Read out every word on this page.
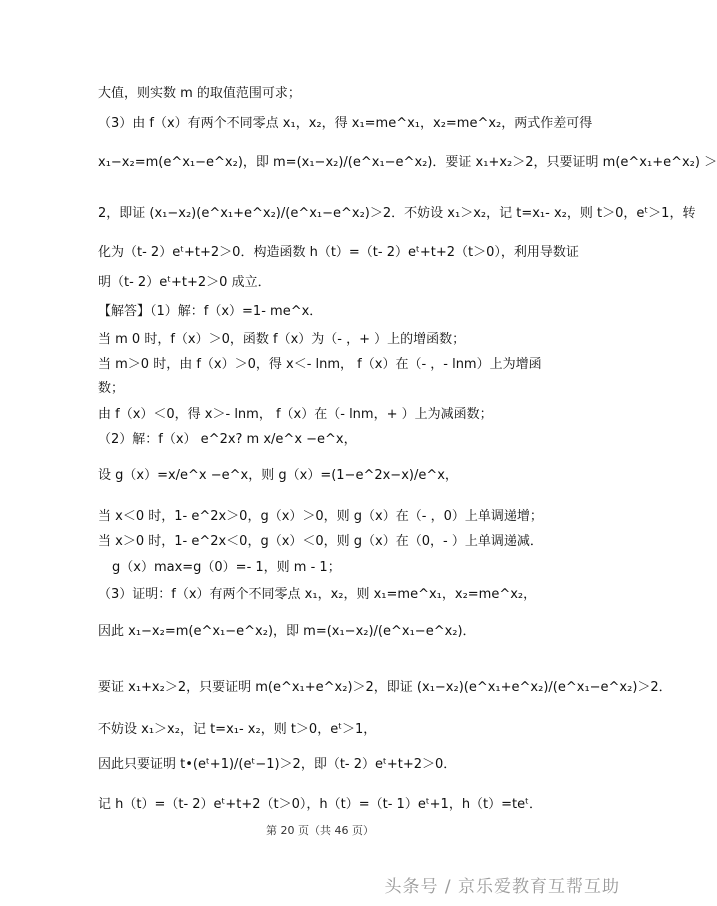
大值，则实数 m 的取值范围可求；
（3）由 f（x）有两个不同零点 x₁，x₂，得 x₁=me^x₁，x₂=me^x₂，两式作差可得
x₁−x₂=m(e^x₁−e^x₂)，即 m=(x₁−x₂)/(e^x₁−e^x₂)．要证 x₁+x₂＞2，只要证明 m(e^x₁+e^x₂) ＞
2，即证 (x₁−x₂)(e^x₁+e^x₂)/(e^x₁−e^x₂)＞2．不妨设 x₁＞x₂，记 t=x₁- x₂，则 t＞0，eᵗ＞1，转
化为（t- 2）eᵗ+t+2＞0．构造函数 h（t）=（t- 2）eᵗ+t+2（t＞0），利用导数证
明（t- 2）eᵗ+t+2＞0 成立．
【解答】（1）解：f（x）=1- me^x．
当 m 0 时，f（x）＞0，函数 f（x）为（- ，+ ）上的增函数；
当 m＞0 时，由 f（x）＞0，得 x＜- lnm， f（x）在（- ，- lnm）上为增函
数；
由 f（x）＜0，得 x＞- lnm， f（x）在（- lnm，+ ）上为减函数；
（2）解：f（x） e^2x? m x/e^x −e^x，
设 g（x）=x/e^x −e^x，则 g（x）=(1−e^2x−x)/e^x，
当 x＜0 时，1- e^2x＞0，g（x）＞0，则 g（x）在（- ，0）上单调递增；
当 x＞0 时，1- e^2x＜0，g（x）＜0，则 g（x）在（0，- ）上单调递减．
g（x）max=g（0）=- 1，则 m - 1；
（3）证明：f（x）有两个不同零点 x₁，x₂，则 x₁=me^x₁，x₂=me^x₂，
因此 x₁−x₂=m(e^x₁−e^x₂)，即 m=(x₁−x₂)/(e^x₁−e^x₂)．
要证 x₁+x₂＞2，只要证明 m(e^x₁+e^x₂)＞2，即证 (x₁−x₂)(e^x₁+e^x₂)/(e^x₁−e^x₂)＞2．
不妨设 x₁＞x₂，记 t=x₁- x₂，则 t＞0，eᵗ＞1，
因此只要证明 t•(eᵗ+1)/(eᵗ−1)＞2，即（t- 2）eᵗ+t+2＞0．
记 h（t）=（t- 2）eᵗ+t+2（t＞0），h（t）=（t- 1）eᵗ+1，h（t）=teᵗ．
第 20 页（共 46 页）
头条号 / 京乐爱教育互帮互助
